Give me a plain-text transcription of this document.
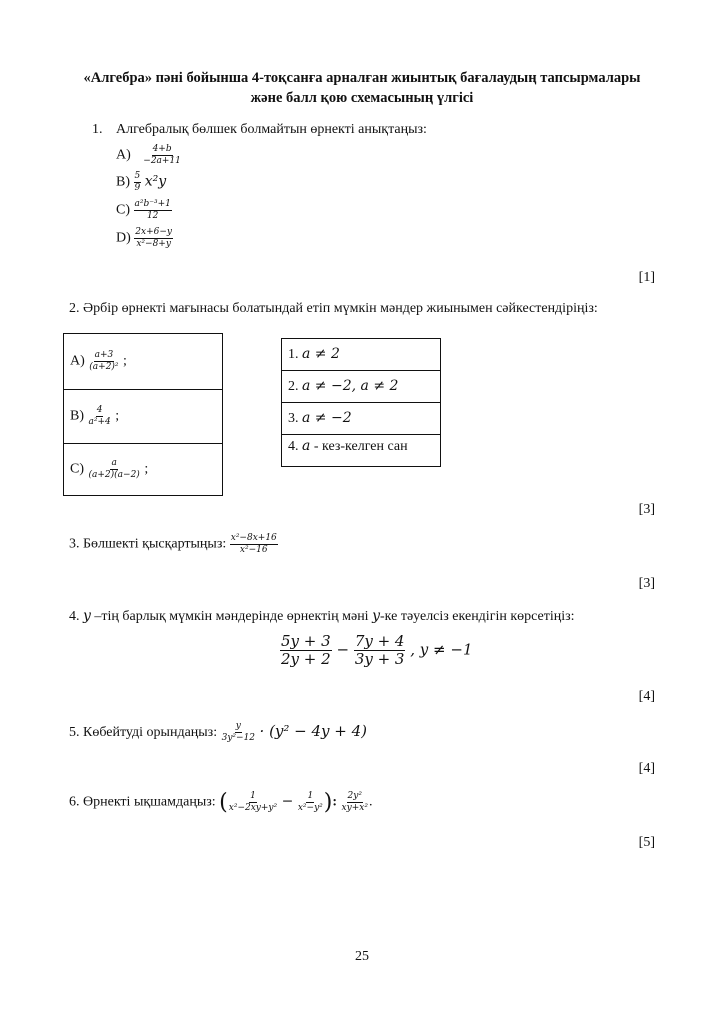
«Алгебра» пәні бойынша 4-тоқсанға арналған жиынтық бағалаудың тапсырмалары
және балл қою схемасының үлгісі
1. Алгебралық бөлшек болмайтын өрнекті анықтаңыз:
$A) \frac{4+b}{-2a+11}$
$B) \frac{5}{9} x^2y$
$C) \frac{\text{a²b⁻³+1}}{12}$
$D) \frac{2x+6-y}{\text{x²−8+y}}$
[1]
2. Әрбір өрнекті мағынасы болатындай етіп мүмкін мәндер жиынымен сәйкестендіріңіз:
$A) \frac{a+3}{\text{(a+2)²}}$ ;
$B) \frac{4}{\text{a²+4}}$ ;
$C) \frac{a}{(a+2)(a-2)}$ ;
1. a ≠ 2
2. a ≠ −2, a ≠ 2
3. a ≠ −2
4. a - кез-келген сан
[3]
3. Бөлшекті қысқартыңыз: $\frac{\text{x²−8x+16}}{\text{x²−16}}$
[3]
4. y –тің барлық мүмкін мәндерінде өрнектің мәні y-ке тәуелсіз екендігін көрсетіңіз:
$\frac{5y + 3}{2y + 2} - \frac{7y + 4}{3y + 3}$ , y ≠ −1
[4]
5. Көбейтуді орындаңыз: $\frac{y}{\text{3y²−12}} \cdot (y^2 - 4y + 4)$
[4]
6. Өрнекті ықшамдаңыз: ( $\frac{1}{\text{x²−2xy+y²}} - \frac{1}{\text{x²−y²}}$ ): $\frac{\text{2y²}}{\text{xy+x²}}$ .
[5]
25
